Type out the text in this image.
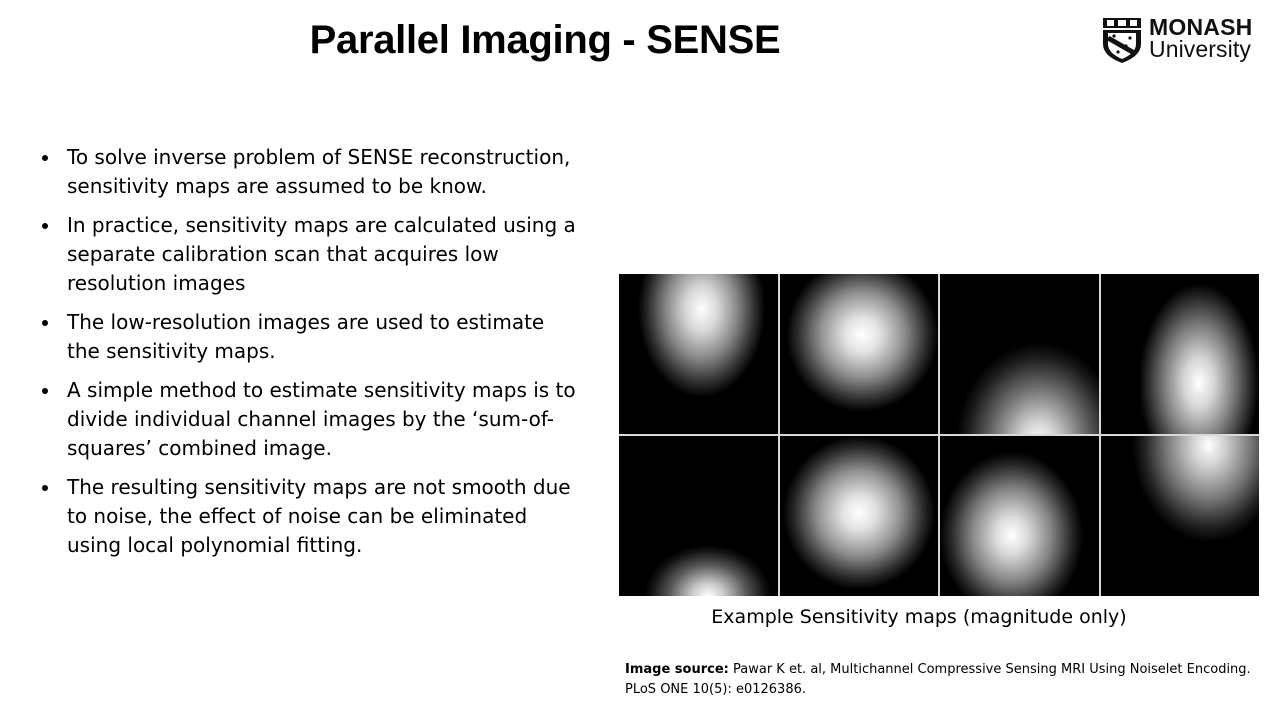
Parallel Imaging - SENSE	MONASH
University
To solve inverse problem of SENSE reconstruction, sensitivity maps are assumed to be know.
In practice, sensitivity maps are calculated using a separate calibration scan that acquires low resolution images
The low-resolution images are used to estimate the sensitivity maps.
A simple method to estimate sensitivity maps is to divide individual channel images by the ‘sum-of-squares’ combined image.
The resulting sensitivity maps are not smooth due to noise, the effect of noise can be eliminated using local polynomial fitting.
Example Sensitivity maps (magnitude only)
Image source: Pawar K et. al, Multichannel Compressive Sensing MRI Using Noiselet Encoding. PLoS ONE 10(5): e0126386.
